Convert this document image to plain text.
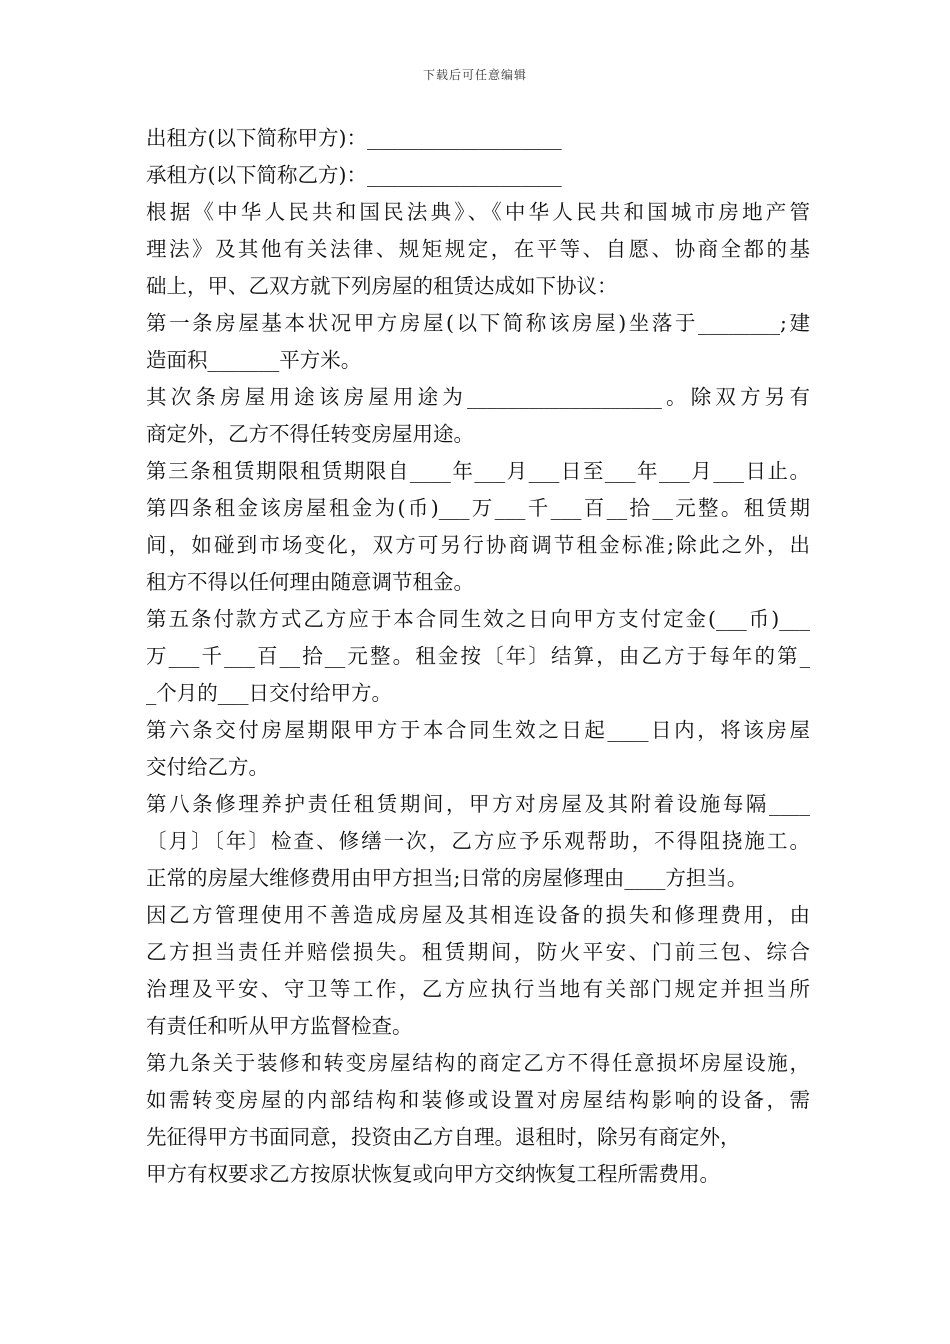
下载后可任意编辑
出租方(以下简称甲方)：___________________
承租方(以下简称乙方)：___________________
根据《中华人民共和国民法典》、《中华人民共和国城市房地产管
理法》及其他有关法律、规矩规定，在平等、自愿、协商全都的基
础上，甲、乙双方就下列房屋的租赁达成如下协议：
第一条房屋基本状况甲方房屋(以下简称该房屋)坐落于________;建
造面积_______平方米。
其次条房屋用途该房屋用途为___________________。除双方另有
商定外，乙方不得任转变房屋用途。
第三条租赁期限租赁期限自____年___月___日至___年___月___日止。
第四条租金该房屋租金为(币)___万___千___百__拾__元整。租赁期
间，如碰到市场变化，双方可另行协商调节租金标准;除此之外，出
租方不得以任何理由随意调节租金。
第五条付款方式乙方应于本合同生效之日向甲方支付定金(___币)___
万___千___百__拾__元整。租金按〔年〕结算，由乙方于每年的第_
_个月的___日交付给甲方。
第六条交付房屋期限甲方于本合同生效之日起____日内，将该房屋
交付给乙方。
第八条修理养护责任租赁期间，甲方对房屋及其附着设施每隔____
〔月〕〔年〕检查、修缮一次，乙方应予乐观帮助，不得阻挠施工。
正常的房屋大维修费用由甲方担当;日常的房屋修理由____方担当。
因乙方管理使用不善造成房屋及其相连设备的损失和修理费用，由
乙方担当责任并赔偿损失。租赁期间，防火平安、门前三包、综合
治理及平安、守卫等工作，乙方应执行当地有关部门规定并担当所
有责任和听从甲方监督检查。
第九条关于装修和转变房屋结构的商定乙方不得任意损坏房屋设施，
如需转变房屋的内部结构和装修或设置对房屋结构影响的设备，需
先征得甲方书面同意，投资由乙方自理。退租时，除另有商定外，
甲方有权要求乙方按原状恢复或向甲方交纳恢复工程所需费用。
